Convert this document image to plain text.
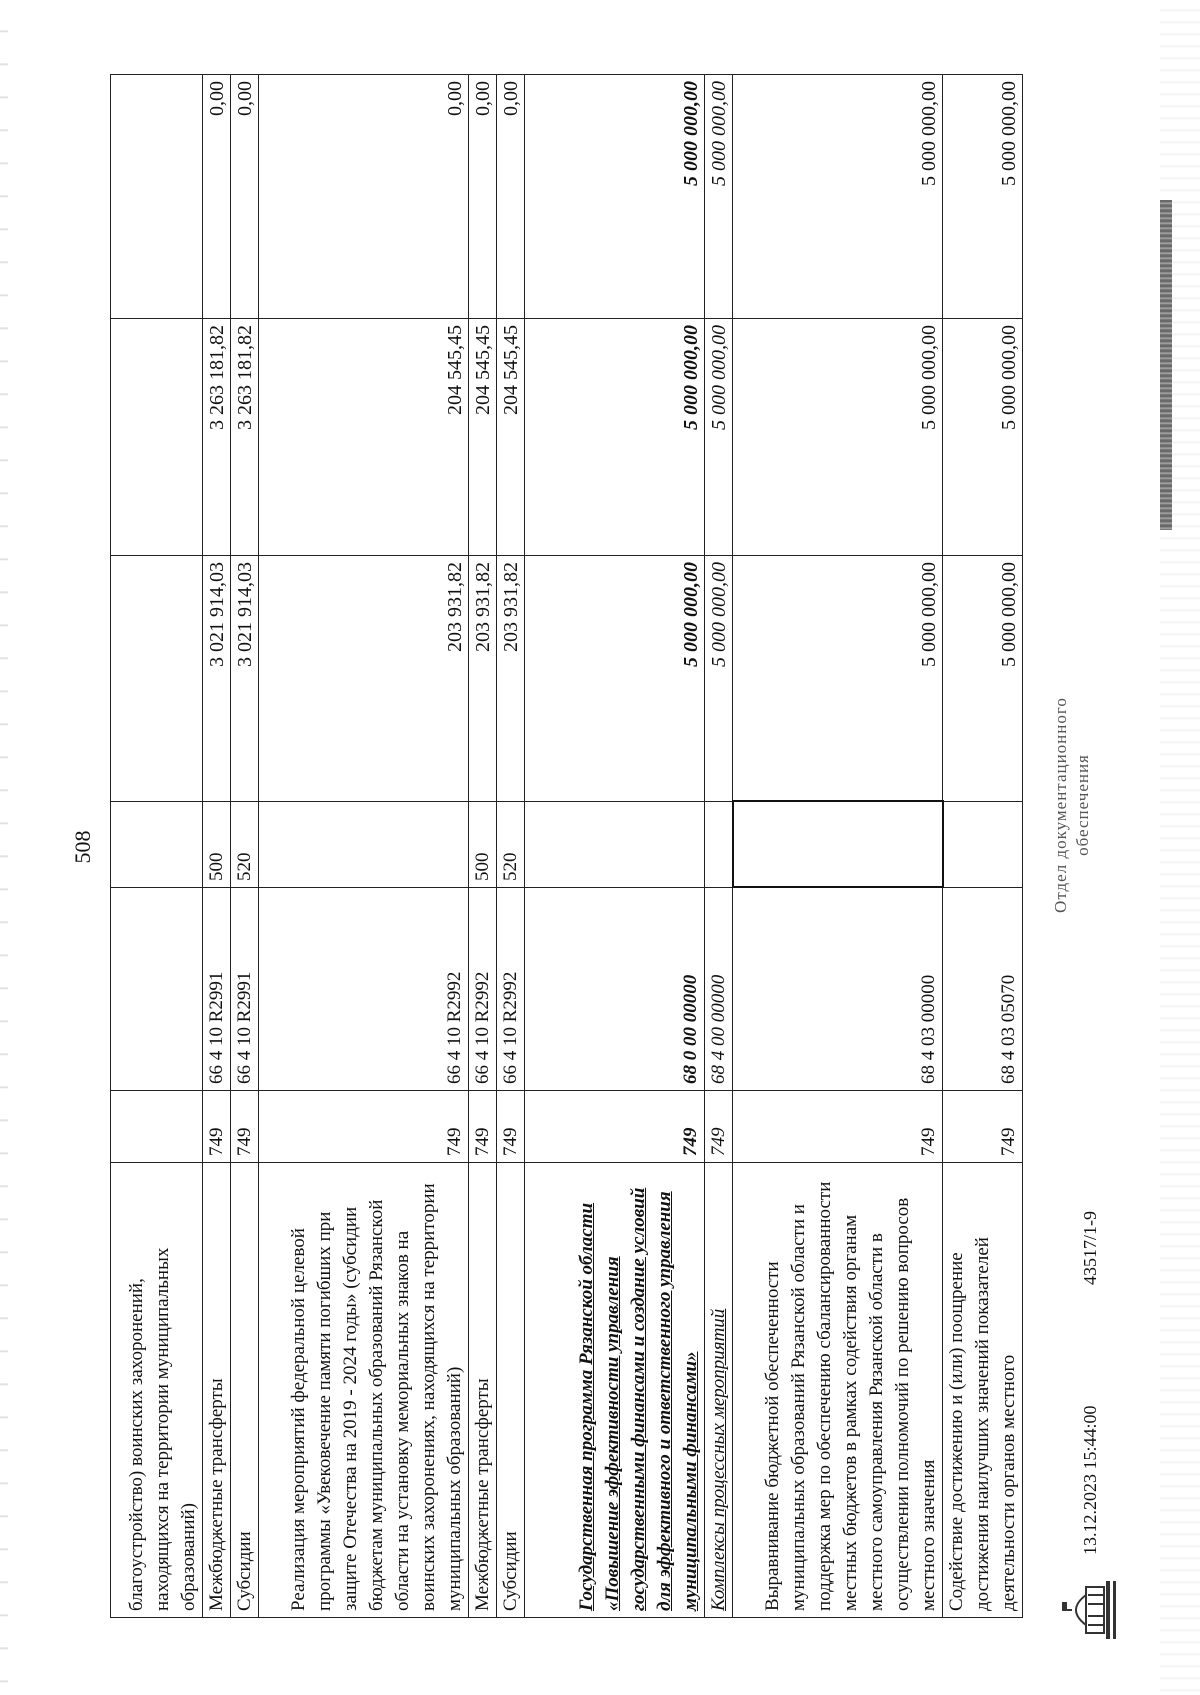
508
благоустройство) воинских захоронений, находящихся на территории муниципальных образований)						
Межбюджетные трансферты	749	66 4 10 R2991	500	3 021 914,03	3 263 181,82	0,00
Субсидии	749	66 4 10 R2991	520	3 021 914,03	3 263 181,82	0,00
Реализация мероприятий федеральной целевой программы «Увековечение памяти погибших при защите Отечества на 2019 - 2024 годы» (субсидии бюджетам муниципальных образований Рязанской области на установку мемориальных знаков на воинских захоронениях, находящихся на территории муниципальных образований)	749	66 4 10 R2992		203 931,82	204 545,45	0,00
Межбюджетные трансферты	749	66 4 10 R2992	500	203 931,82	204 545,45	0,00
Субсидии	749	66 4 10 R2992	520	203 931,82	204 545,45	0,00
Государственная программа Рязанской области «Повышение эффективности управления государственными финансами и создание условий для эффективного и ответственного управления муниципальными финансами»	749	68 0 00 00000		5 000 000,00	5 000 000,00	5 000 000,00
Комплексы процессных мероприятий	749	68 4 00 00000		5 000 000,00	5 000 000,00	5 000 000,00
Выравнивание бюджетной обеспеченности муниципальных образований Рязанской области и поддержка мер по обеспечению сбалансированности местных бюджетов в рамках содействия органам местного самоуправления Рязанской области в осуществлении полномочий по решению вопросов местного значения	749	68 4 03 00000		5 000 000,00	5 000 000,00	5 000 000,00
Содействие достижению и (или) поощрение достижения наилучших значений показателей деятельности органов местного	749	68 4 03 05070		5 000 000,00	5 000 000,00	5 000 000,00
13.12.2023 15:44:00
43517/1-9
Отдел документационного обеспечения
